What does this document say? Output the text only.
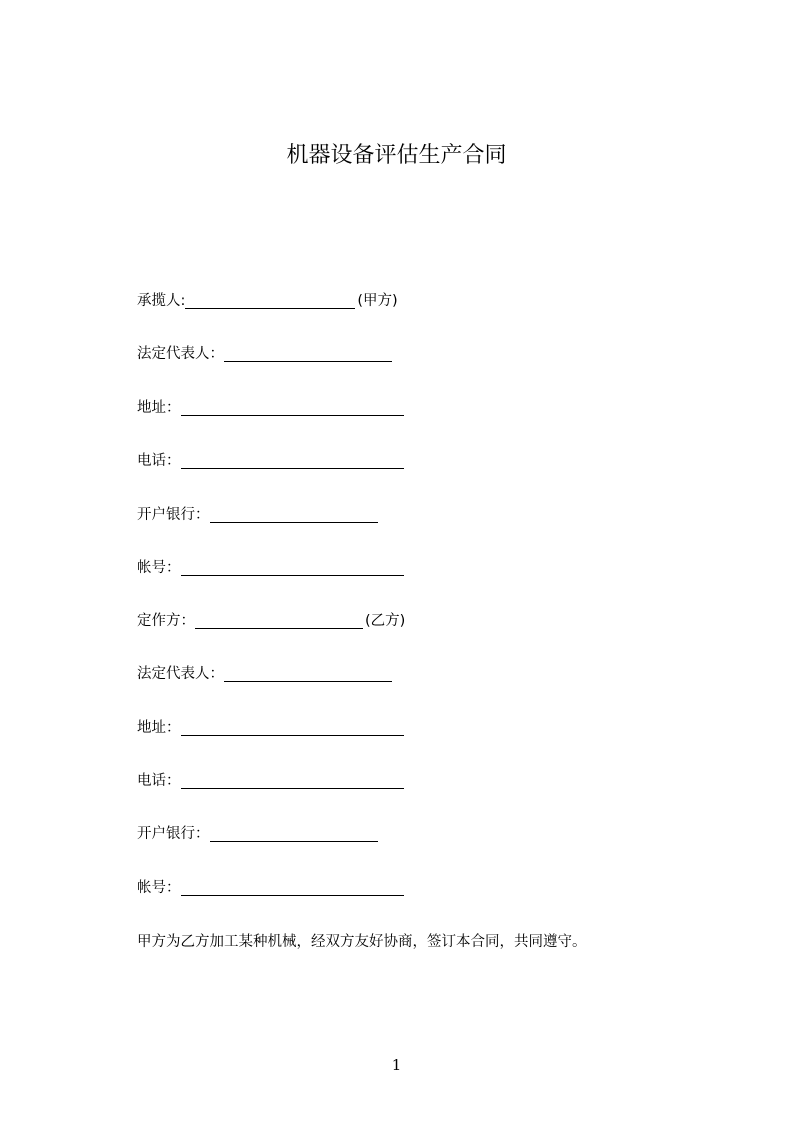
机器设备评估生产合同
承揽人:	(甲方)
法定代表人：
地址：
电话：
开户银行：
帐号：
定作方：	(乙方)
法定代表人：
地址：
电话：
开户银行：
帐号：
甲方为乙方加工某种机械，经双方友好协商，签订本合同，共同遵守。
1
